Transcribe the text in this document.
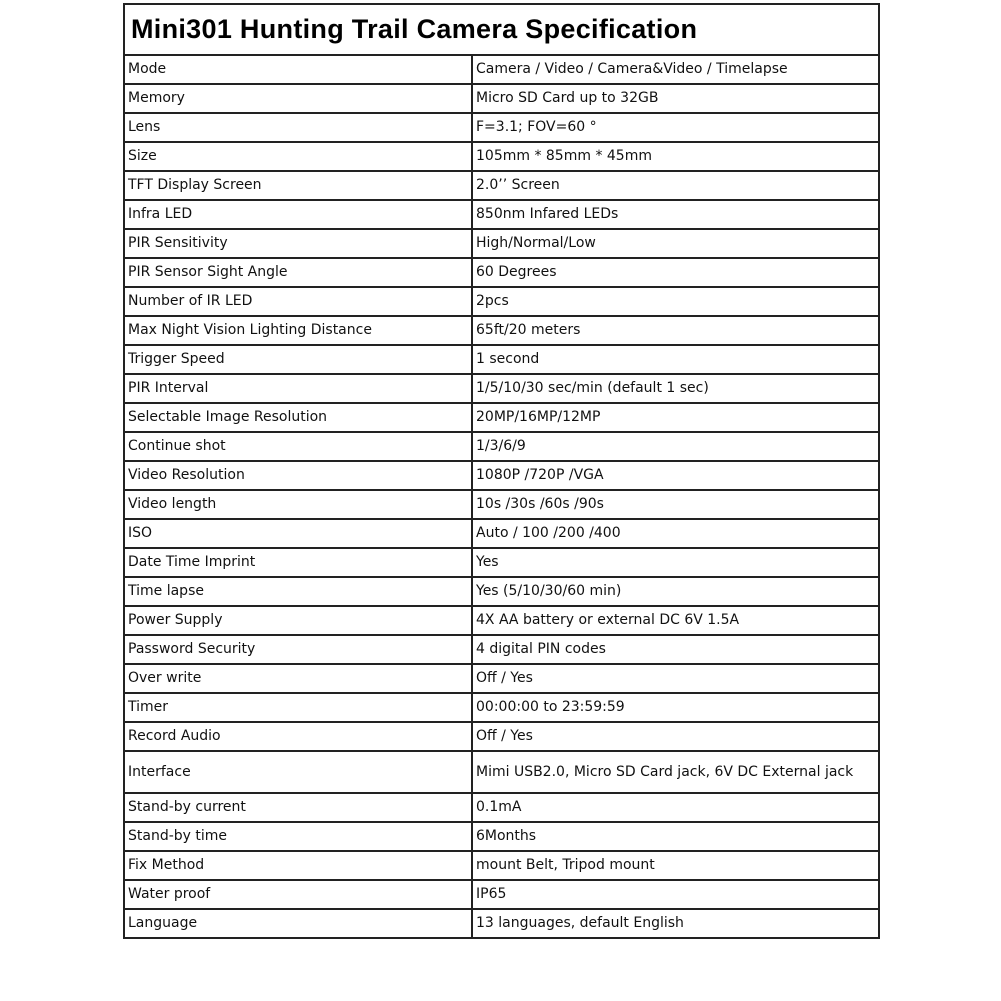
Mini301 Hunting Trail Camera Specification	
Mode	Camera / Video / Camera&Video / Timelapse
Memory	Micro SD Card up to 32GB
Lens	F=3.1; FOV=60 °
Size	105mm * 85mm * 45mm
TFT Display Screen	2.0’’ Screen
Infra LED	850nm Infared LEDs
PIR Sensitivity	High/Normal/Low
PIR Sensor Sight Angle	60 Degrees
Number of IR LED	2pcs
Max Night Vision Lighting Distance	65ft/20 meters
Trigger Speed	1 second
PIR Interval	1/5/10/30 sec/min (default 1 sec)
Selectable Image Resolution	20MP/16MP/12MP
Continue shot	1/3/6/9
Video Resolution	1080P /720P /VGA
Video length	10s /30s /60s /90s
ISO	Auto / 100 /200 /400
Date Time Imprint	Yes
Time lapse	Yes (5/10/30/60 min)
Power Supply	4X AA battery or external DC 6V 1.5A
Password Security	4 digital PIN codes
Over write	Off / Yes
Timer	00:00:00 to 23:59:59
Record Audio	Off / Yes
Interface	Mimi USB2.0, Micro SD Card jack, 6V DC External jack
Stand-by current	0.1mA
Stand-by time	6Months
Fix Method	mount Belt, Tripod mount
Water proof	IP65
Language	13 languages, default English
